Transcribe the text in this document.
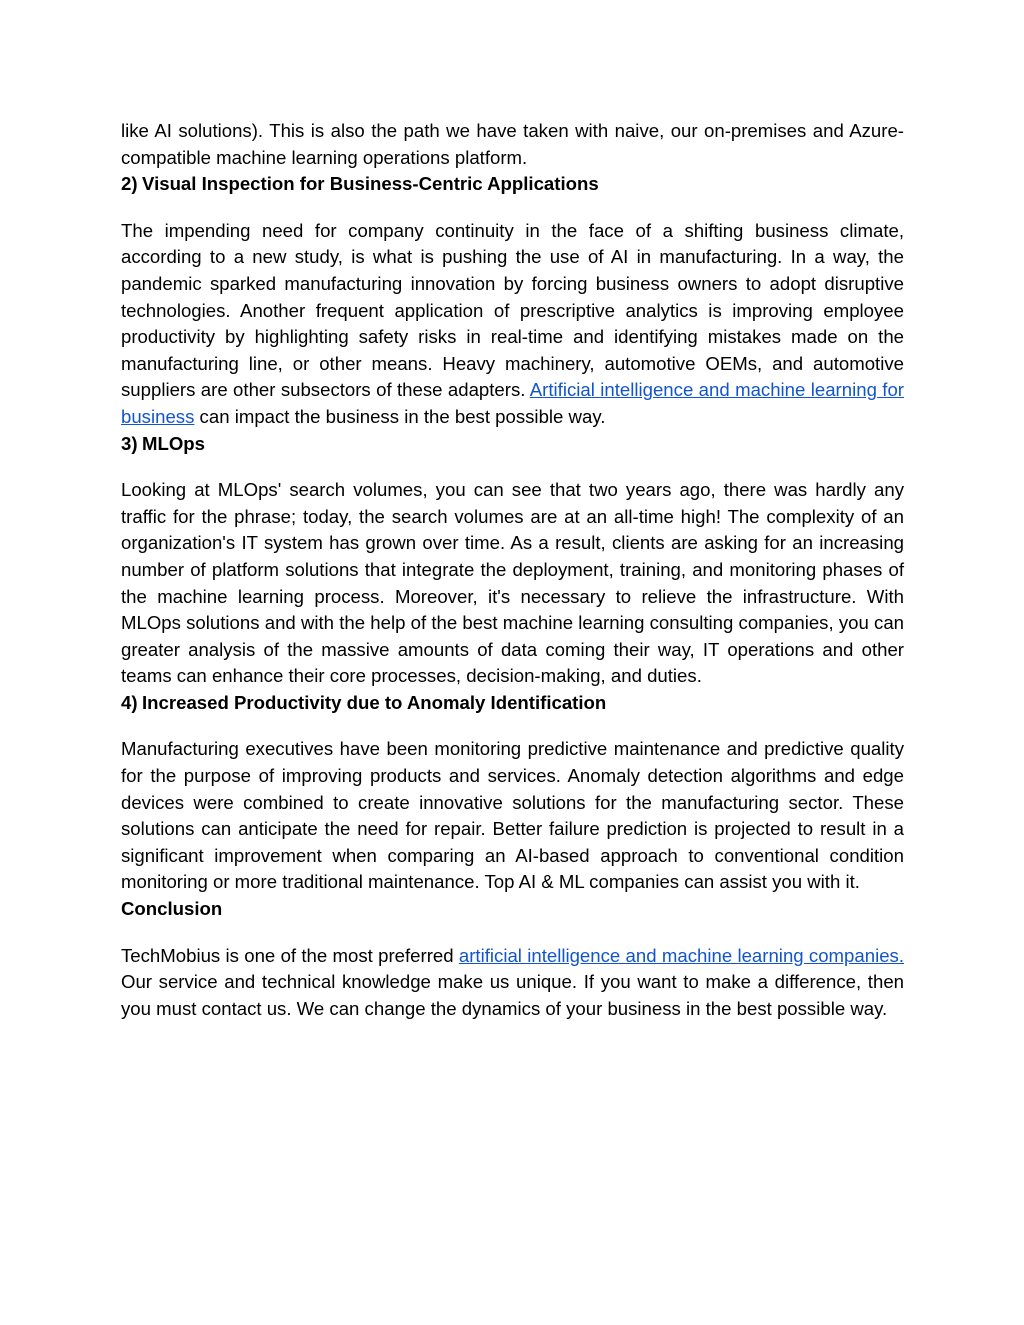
like AI solutions). This is also the path we have taken with naive, our on-premises and Azure-compatible machine learning operations platform.

2) Visual Inspection for Business-Centric Applications

The impending need for company continuity in the face of a shifting business climate, according to a new study, is what is pushing the use of AI in manufacturing. In a way, the pandemic sparked manufacturing innovation by forcing business owners to adopt disruptive technologies. Another frequent application of prescriptive analytics is improving employee productivity by highlighting safety risks in real-time and identifying mistakes made on the manufacturing line, or other means. Heavy machinery, automotive OEMs, and automotive suppliers are other subsectors of these adapters. Artificial intelligence and machine learning for business can impact the business in the best possible way.

3) MLOps

Looking at MLOps' search volumes, you can see that two years ago, there was hardly any traffic for the phrase; today, the search volumes are at an all-time high! The complexity of an organization's IT system has grown over time. As a result, clients are asking for an increasing number of platform solutions that integrate the deployment, training, and monitoring phases of the machine learning process. Moreover, it's necessary to relieve the infrastructure. With MLOps solutions and with the help of the best machine learning consulting companies, you can greater analysis of the massive amounts of data coming their way, IT operations and other teams can enhance their core processes, decision-making, and duties.

4) Increased Productivity due to Anomaly Identification

Manufacturing executives have been monitoring predictive maintenance and predictive quality for the purpose of improving products and services. Anomaly detection algorithms and edge devices were combined to create innovative solutions for the manufacturing sector. These solutions can anticipate the need for repair. Better failure prediction is projected to result in a significant improvement when comparing an AI-based approach to conventional condition monitoring or more traditional maintenance. Top AI & ML companies can assist you with it.

Conclusion

TechMobius is one of the most preferred artificial intelligence and machine learning companies. Our service and technical knowledge make us unique. If you want to make a difference, then you must contact us. We can change the dynamics of your business in the best possible way.
